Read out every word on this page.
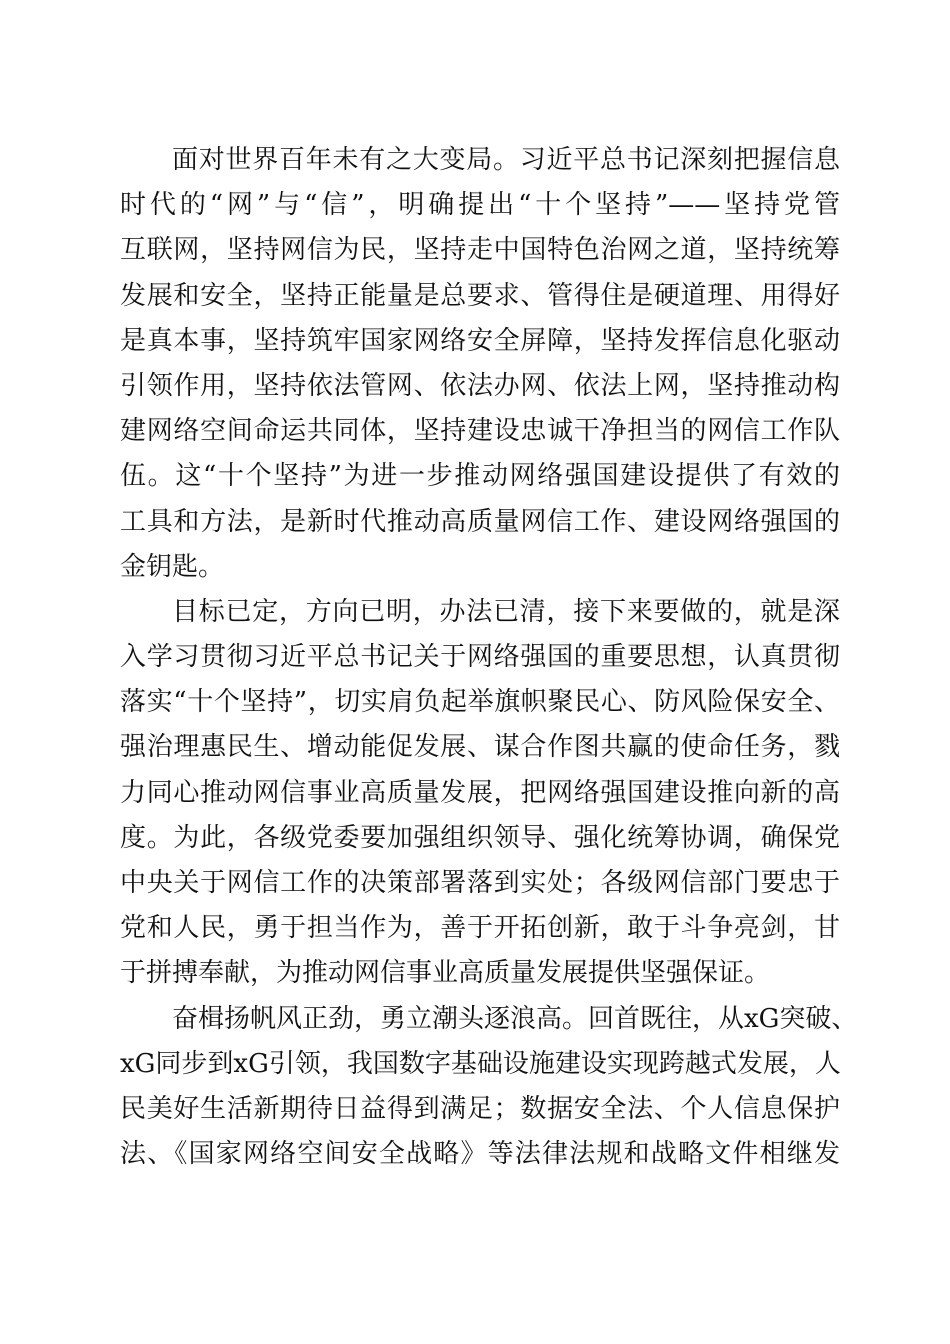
面对世界百年未有之大变局。习近平总书记深刻把握信息
时代的“网”与“信”，明确提出“十个坚持”——坚持党管
互联网，坚持网信为民，坚持走中国特色治网之道，坚持统筹
发展和安全，坚持正能量是总要求、管得住是硬道理、用得好
是真本事，坚持筑牢国家网络安全屏障，坚持发挥信息化驱动
引领作用，坚持依法管网、依法办网、依法上网，坚持推动构
建网络空间命运共同体，坚持建设忠诚干净担当的网信工作队
伍。这“十个坚持”为进一步推动网络强国建设提供了有效的
工具和方法，是新时代推动高质量网信工作、建设网络强国的
金钥匙。
目标已定，方向已明，办法已清，接下来要做的，就是深
入学习贯彻习近平总书记关于网络强国的重要思想，认真贯彻
落实“十个坚持”，切实肩负起举旗帜聚民心、防风险保安全、
强治理惠民生、增动能促发展、谋合作图共赢的使命任务，戮
力同心推动网信事业高质量发展，把网络强国建设推向新的高
度。为此，各级党委要加强组织领导、强化统筹协调，确保党
中央关于网信工作的决策部署落到实处；各级网信部门要忠于
党和人民，勇于担当作为，善于开拓创新，敢于斗争亮剑，甘
于拼搏奉献，为推动网信事业高质量发展提供坚强保证。
奋楫扬帆风正劲，勇立潮头逐浪高。回首既往，从xG突破、
xG同步到xG引领，我国数字基础设施建设实现跨越式发展，人
民美好生活新期待日益得到满足；数据安全法、个人信息保护
法、《国家网络空间安全战略》等法律法规和战略文件相继发
